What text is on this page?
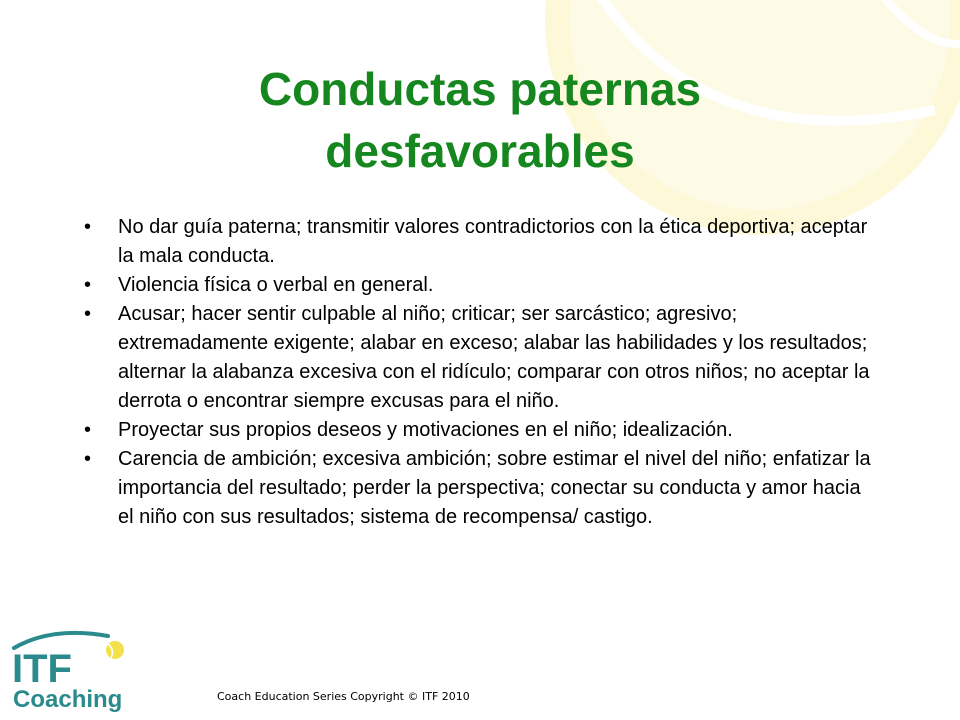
Conductas paternas
desfavorables
• No dar guía paterna; transmitir valores contradictorios con la ética deportiva; aceptar la mala conducta.
• Violencia física o verbal en general.
• Acusar; hacer sentir culpable al niño; criticar; ser sarcástico; agresivo; extremadamente exigente; alabar en exceso; alabar las habilidades y los resultados; alternar la alabanza excesiva con el ridículo; comparar con otros niños; no aceptar la derrota o encontrar siempre excusas para el niño.
• Proyectar sus propios deseos y motivaciones en el niño; idealización.
• Carencia de ambición; excesiva ambición; sobre estimar el nivel del niño; enfatizar la importancia del resultado; perder la perspectiva; conectar su conducta y amor hacia el niño con sus resultados; sistema de recompensa/ castigo.
ITF
Coaching	Coach Education Series Copyright © ITF 2010
